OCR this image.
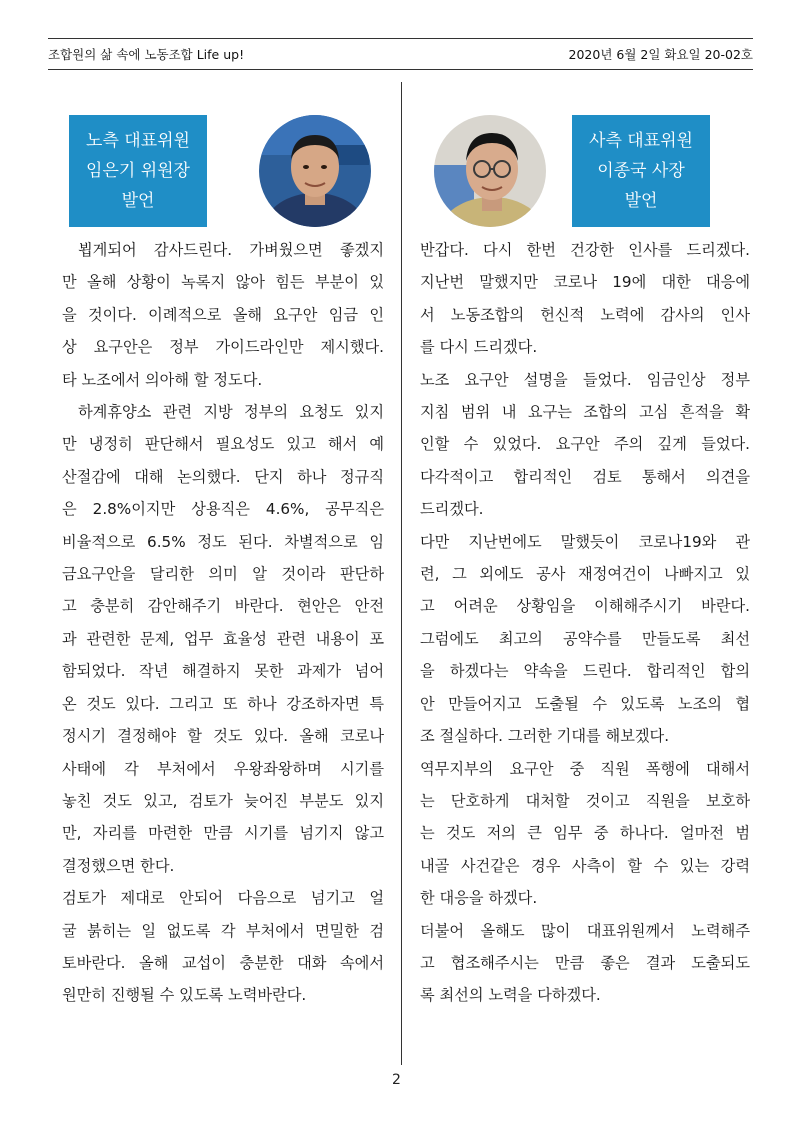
조합원의 삶 속에 노동조합 Life up!	2020년 6월 2일 화요일 20-02호
노측 대표위원
임은기 위원장
발언
사측 대표위원
이종국 사장
발언
뵙게되어 감사드린다. 가벼웠으면 좋겠지
만 올해 상황이 녹록지 않아 힘든 부분이 있
을 것이다. 이례적으로 올해 요구안 임금 인
상 요구안은 정부 가이드라인만 제시했다.
타 노조에서 의아해 할 정도다.
하계휴양소 관련 지방 정부의 요청도 있지
만 냉정히 판단해서 필요성도 있고 해서 예
산절감에 대해 논의했다. 단지 하나 정규직
은 2.8%이지만 상용직은 4.6%, 공무직은
비율적으로 6.5% 정도 된다. 차별적으로 임
금요구안을 달리한 의미 알 것이라 판단하
고 충분히 감안해주기 바란다. 현안은 안전
과 관련한 문제, 업무 효율성 관련 내용이 포
함되었다. 작년 해결하지 못한 과제가 넘어
온 것도 있다. 그리고 또 하나 강조하자면 특
정시기 결정해야 할 것도 있다. 올해 코로나
사태에 각 부처에서 우왕좌왕하며 시기를
놓친 것도 있고, 검토가 늦어진 부분도 있지
만, 자리를 마련한 만큼 시기를 넘기지 않고
결정했으면 한다.
검토가 제대로 안되어 다음으로 넘기고 얼
굴 붉히는 일 없도록 각 부처에서 면밀한 검
토바란다. 올해 교섭이 충분한 대화 속에서
원만히 진행될 수 있도록 노력바란다.
반갑다. 다시 한번 건강한 인사를 드리겠다.
지난번 말했지만 코로나 19에 대한 대응에
서 노동조합의 헌신적 노력에 감사의 인사
를 다시 드리겠다.
노조 요구안 설명을 들었다. 임금인상 정부
지침 범위 내 요구는 조합의 고심 흔적을 확
인할 수 있었다. 요구안 주의 깊게 들었다.
다각적이고 합리적인 검토 통해서 의견을
드리겠다.
다만 지난번에도 말했듯이 코로나19와 관
련, 그 외에도 공사 재정여건이 나빠지고 있
고 어려운 상황임을 이해해주시기 바란다.
그럼에도 최고의 공약수를 만들도록 최선
을 하겠다는 약속을 드린다. 합리적인 합의
안 만들어지고 도출될 수 있도록 노조의 협
조 절실하다. 그러한 기대를 해보겠다.
역무지부의 요구안 중 직원 폭행에 대해서
는 단호하게 대처할 것이고 직원을 보호하
는 것도 저의 큰 임무 중 하나다. 얼마전 범
내골 사건같은 경우 사측이 할 수 있는 강력
한 대응을 하겠다.
더불어 올해도 많이 대표위원께서 노력해주
고 협조해주시는 만큼 좋은 결과 도출되도
록 최선의 노력을 다하겠다.
2
